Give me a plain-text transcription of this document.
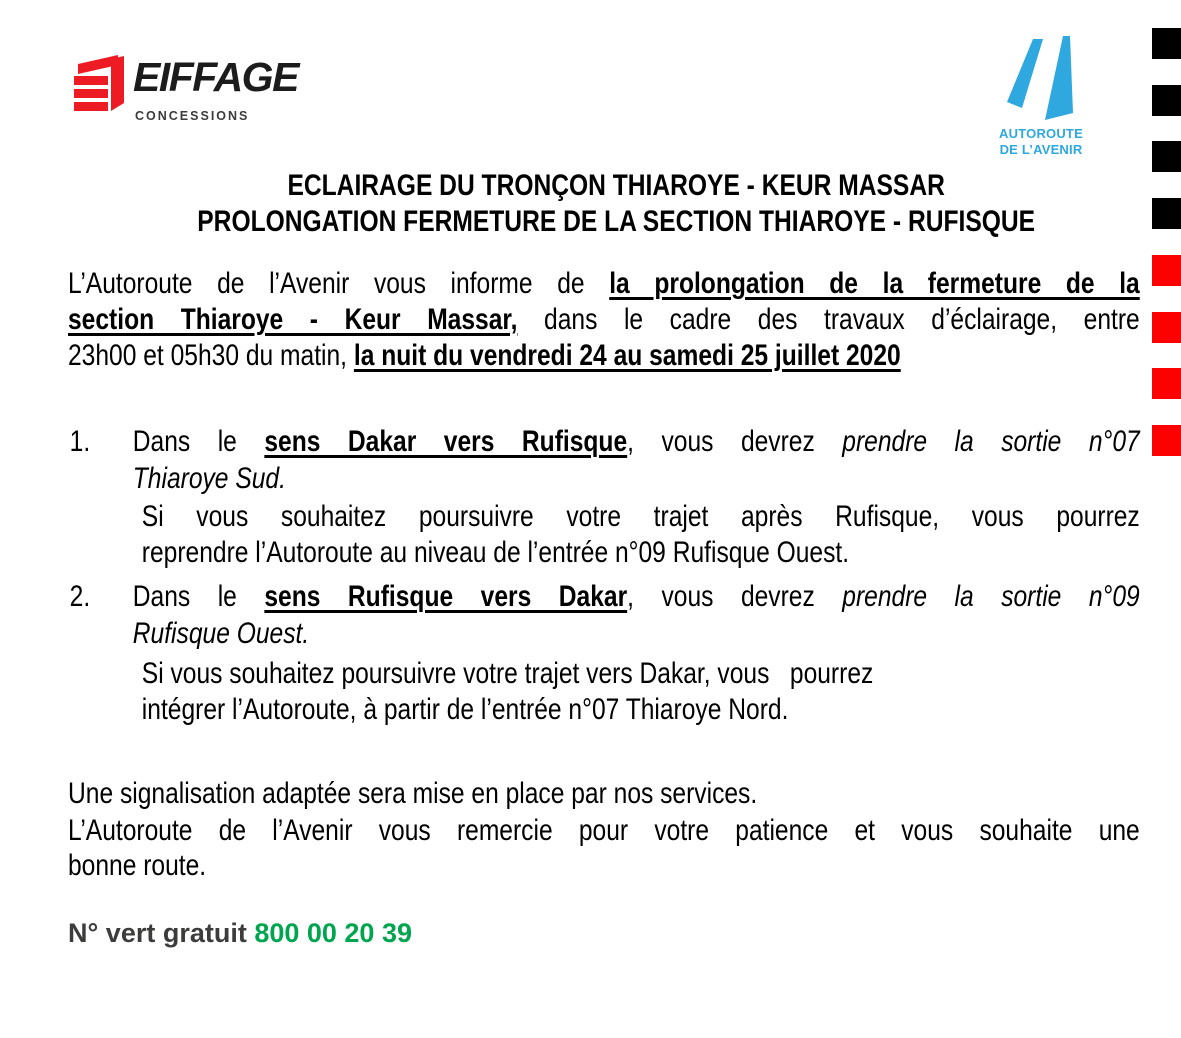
EIFFAGE
CONCESSIONS
AUTOROUTE
DE L’AVENIR
ECLAIRAGE DU TRONÇON THIAROYE - KEUR MASSAR
PROLONGATION FERMETURE DE LA SECTION THIAROYE - RUFISQUE
L’Autoroute de l’Avenir vous informe de la prolongation de la fermeture de la
section Thiaroye - Keur Massar, dans le cadre des travaux d’éclairage, entre
23h00 et 05h30 du matin, la nuit du vendredi 24 au samedi 25 juillet 2020
1. Dans le sens Dakar vers Rufisque, vous devrez prendre la sortie n°07
Thiaroye Sud.
Si vous souhaitez poursuivre votre trajet après Rufisque, vous pourrez
reprendre l’Autoroute au niveau de l’entrée n°09 Rufisque Ouest.
2. Dans le sens Rufisque vers Dakar, vous devrez prendre la sortie n°09
Rufisque Ouest.
Si vous souhaitez poursuivre votre trajet vers Dakar, vous   pourrez
intégrer l’Autoroute, à partir de l’entrée n°07 Thiaroye Nord.
Une signalisation adaptée sera mise en place par nos services.
L’Autoroute de l’Avenir vous remercie pour votre patience et vous souhaite une
bonne route.
N° vert gratuit 800 00 20 39
